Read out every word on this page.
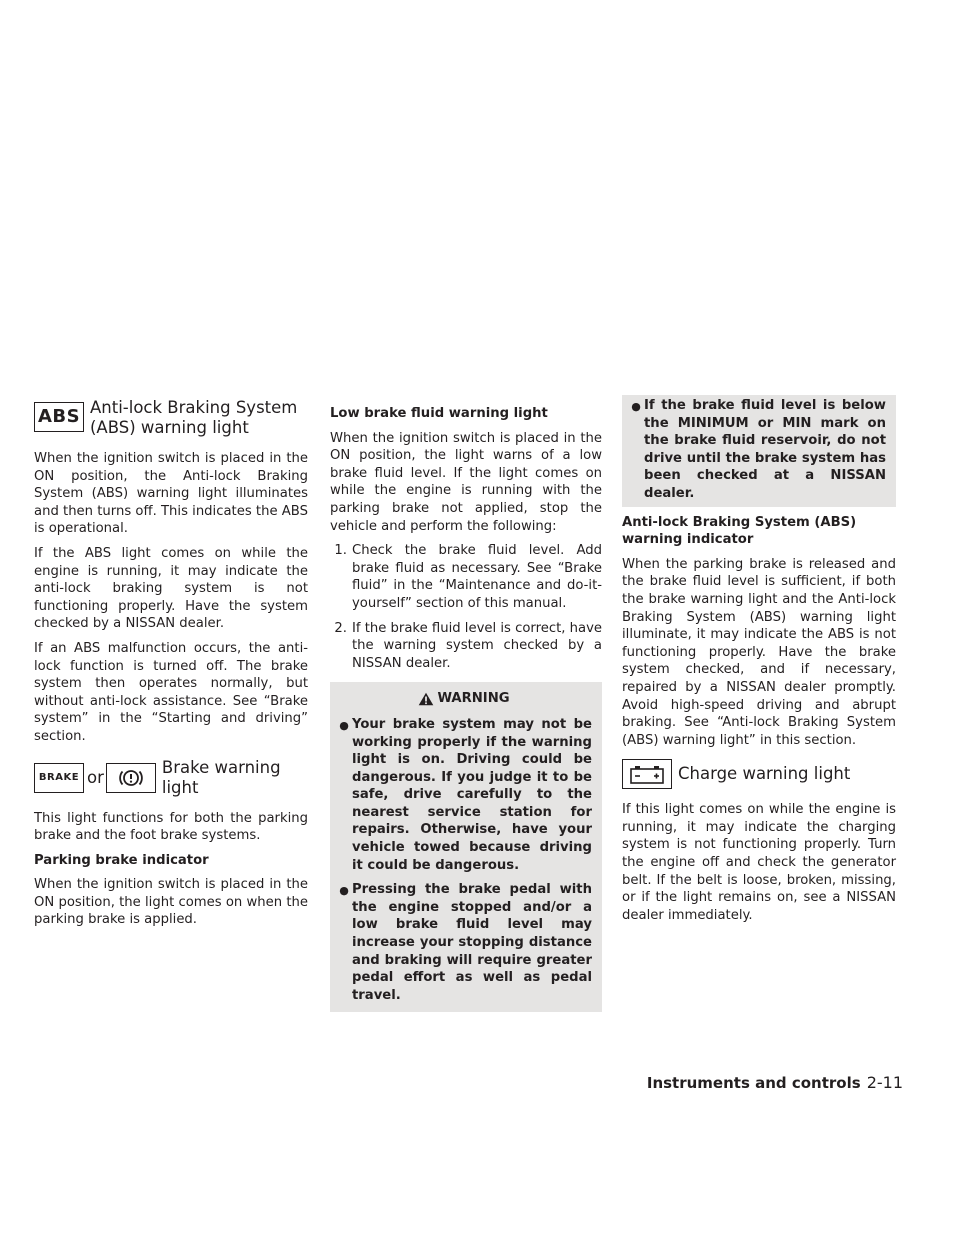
ABS Anti-lock Braking System
(ABS) warning light

When the ignition switch is placed in the ON position, the Anti-lock Braking System (ABS) warning light illuminates and then turns off. This indicates the ABS is operational.

If the ABS light comes on while the engine is running, it may indicate the anti-lock braking system is not functioning properly. Have the system checked by a NISSAN dealer.

If an ABS malfunction occurs, the anti-lock function is turned off. The brake system then operates normally, but without anti-lock assistance. See “Brake system” in the “Starting and driving” section.

BRAKE or
Brake warning light

This light functions for both the parking brake and the foot brake systems.

Parking brake indicator

When the ignition switch is placed in the ON position, the light comes on when the parking brake is applied.

Low brake fluid warning light

When the ignition switch is placed in the ON position, the light warns of a low brake fluid level. If the light comes on while the engine is running with the parking brake not applied, stop the vehicle and perform the following:

1. Check the brake fluid level. Add brake fluid as necessary. See “Brake fluid” in the “Maintenance and do-it-yourself” section of this manual.
2. If the brake fluid level is correct, have the warning system checked by a NISSAN dealer.
WARNING
● Your brake system may not be working properly if the warning light is on. Driving could be dangerous. If you judge it to be safe, drive carefully to the nearest service station for repairs. Otherwise, have your vehicle towed because driving it could be dangerous.
● Pressing the brake pedal with the engine stopped and/or a low brake fluid level may increase your stopping distance and braking will require greater pedal effort as well as pedal travel.
● If the brake fluid level is below the MINIMUM or MIN mark on the brake fluid reservoir, do not drive until the brake system has been checked at a NISSAN dealer.
Anti-lock Braking System (ABS) warning indicator

When the parking brake is released and the brake fluid level is sufficient, if both the brake warning light and the Anti-lock Braking System (ABS) warning light illuminate, it may indicate the ABS is not functioning properly. Have the brake system checked, and if necessary, repaired by a NISSAN dealer promptly. Avoid high-speed driving and abrupt braking. See “Anti-lock Braking System (ABS) warning light” in this section.

Charge warning light

If this light comes on while the engine is running, it may indicate the charging system is not functioning properly. Turn the engine off and check the generator belt. If the belt is loose, broken, missing, or if the light remains on, see a NISSAN dealer immediately.

Instruments and controls 2-11
